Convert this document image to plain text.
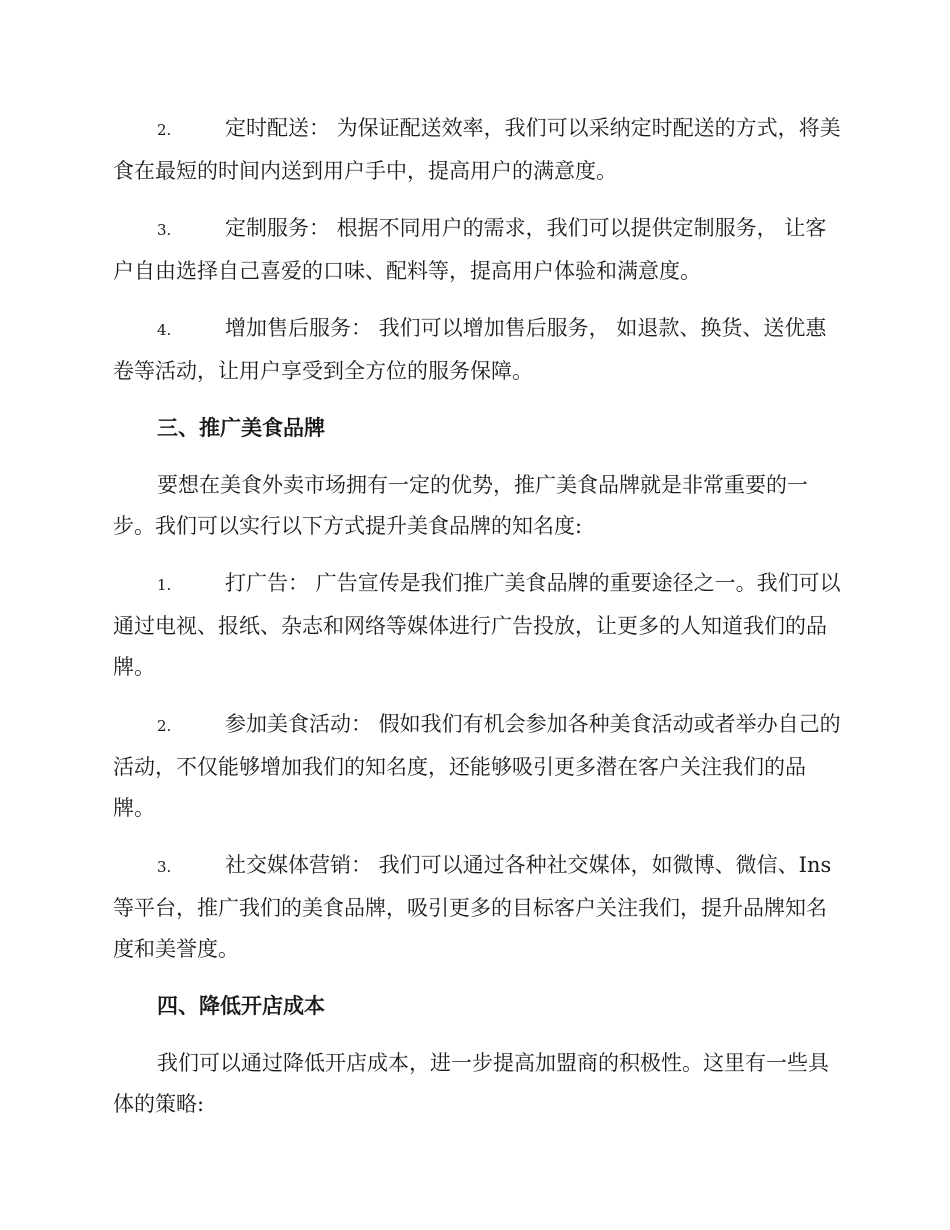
2.	定时配送： 为保证配送效率，我们可以采纳定时配送的方式，将美食在最短的时间内送到用户手中，提高用户的满意度。

3.	定制服务： 根据不同用户的需求，我们可以提供定制服务， 让客户自由选择自己喜爱的口味、配料等，提高用户体验和满意度。

4.	增加售后服务： 我们可以增加售后服务， 如退款、换货、送优惠卷等活动，让用户享受到全方位的服务保障。

三、推广美食品牌

要想在美食外卖市场拥有一定的优势，推广美食品牌就是非常重要的一步。我们可以实行以下方式提升美食品牌的知名度:

1.	打广告： 广告宣传是我们推广美食品牌的重要途径之一。我们可以通过电视、报纸、杂志和网络等媒体进行广告投放，让更多的人知道我们的品牌。

2.	参加美食活动： 假如我们有机会参加各种美食活动或者举办自己的活动，不仅能够增加我们的知名度，还能够吸引更多潜在客户关注我们的品牌。

3.	社交媒体营销： 我们可以通过各种社交媒体，如微博、微信、Ins 等平台，推广我们的美食品牌，吸引更多的目标客户关注我们，提升品牌知名度和美誉度。

四、降低开店成本

我们可以通过降低开店成本，进一步提高加盟商的积极性。这里有一些具体的策略:
